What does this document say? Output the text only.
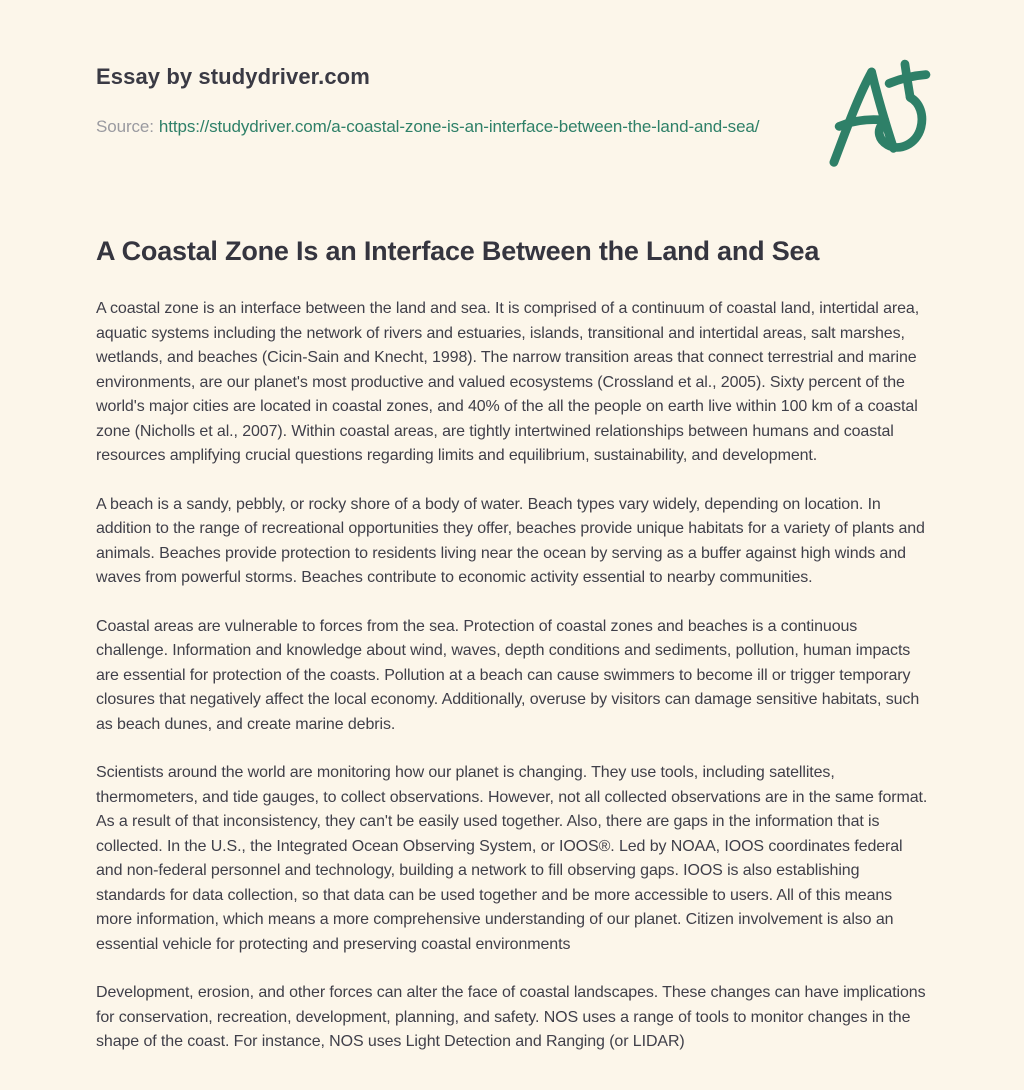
Essay by studydriver.com

Source: https://studydriver.com/a-coastal-zone-is-an-interface-between-the-land-and-sea/

A Coastal Zone Is an Interface Between the Land and Sea

A coastal zone is an interface between the land and sea. It is comprised of a continuum of coastal land, intertidal area, aquatic systems including the network of rivers and estuaries, islands, transitional and intertidal areas, salt marshes, wetlands, and beaches (Cicin-Sain and Knecht, 1998). The narrow transition areas that connect terrestrial and marine environments, are our planet's most productive and valued ecosystems (Crossland et al., 2005). Sixty percent of the world's major cities are located in coastal zones, and 40% of the all the people on earth live within 100 km of a coastal zone (Nicholls et al., 2007). Within coastal areas, are tightly intertwined relationships between humans and coastal resources amplifying crucial questions regarding limits and equilibrium, sustainability, and development.

A beach is a sandy, pebbly, or rocky shore of a body of water. Beach types vary widely, depending on location. In addition to the range of recreational opportunities they offer, beaches provide unique habitats for a variety of plants and animals. Beaches provide protection to residents living near the ocean by serving as a buffer against high winds and waves from powerful storms. Beaches contribute to economic activity essential to nearby communities.

Coastal areas are vulnerable to forces from the sea. Protection of coastal zones and beaches is a continuous challenge. Information and knowledge about wind, waves, depth conditions and sediments, pollution, human impacts are essential for protection of the coasts. Pollution at a beach can cause swimmers to become ill or trigger temporary closures that negatively affect the local economy. Additionally, overuse by visitors can damage sensitive habitats, such as beach dunes, and create marine debris.

Scientists around the world are monitoring how our planet is changing. They use tools, including satellites, thermometers, and tide gauges, to collect observations. However, not all collected observations are in the same format. As a result of that inconsistency, they can't be easily used together. Also, there are gaps in the information that is collected. In the U.S., the Integrated Ocean Observing System, or IOOS®. Led by NOAA, IOOS coordinates federal and non-federal personnel and technology, building a network to fill observing gaps. IOOS is also establishing standards for data collection, so that data can be used together and be more accessible to users. All of this means more information, which means a more comprehensive understanding of our planet. Citizen involvement is also an essential vehicle for protecting and preserving coastal environments

Development, erosion, and other forces can alter the face of coastal landscapes. These changes can have implications for conservation, recreation, development, planning, and safety. NOS uses a range of tools to monitor changes in the shape of the coast. For instance, NOS uses Light Detection and Ranging (or LIDAR)
